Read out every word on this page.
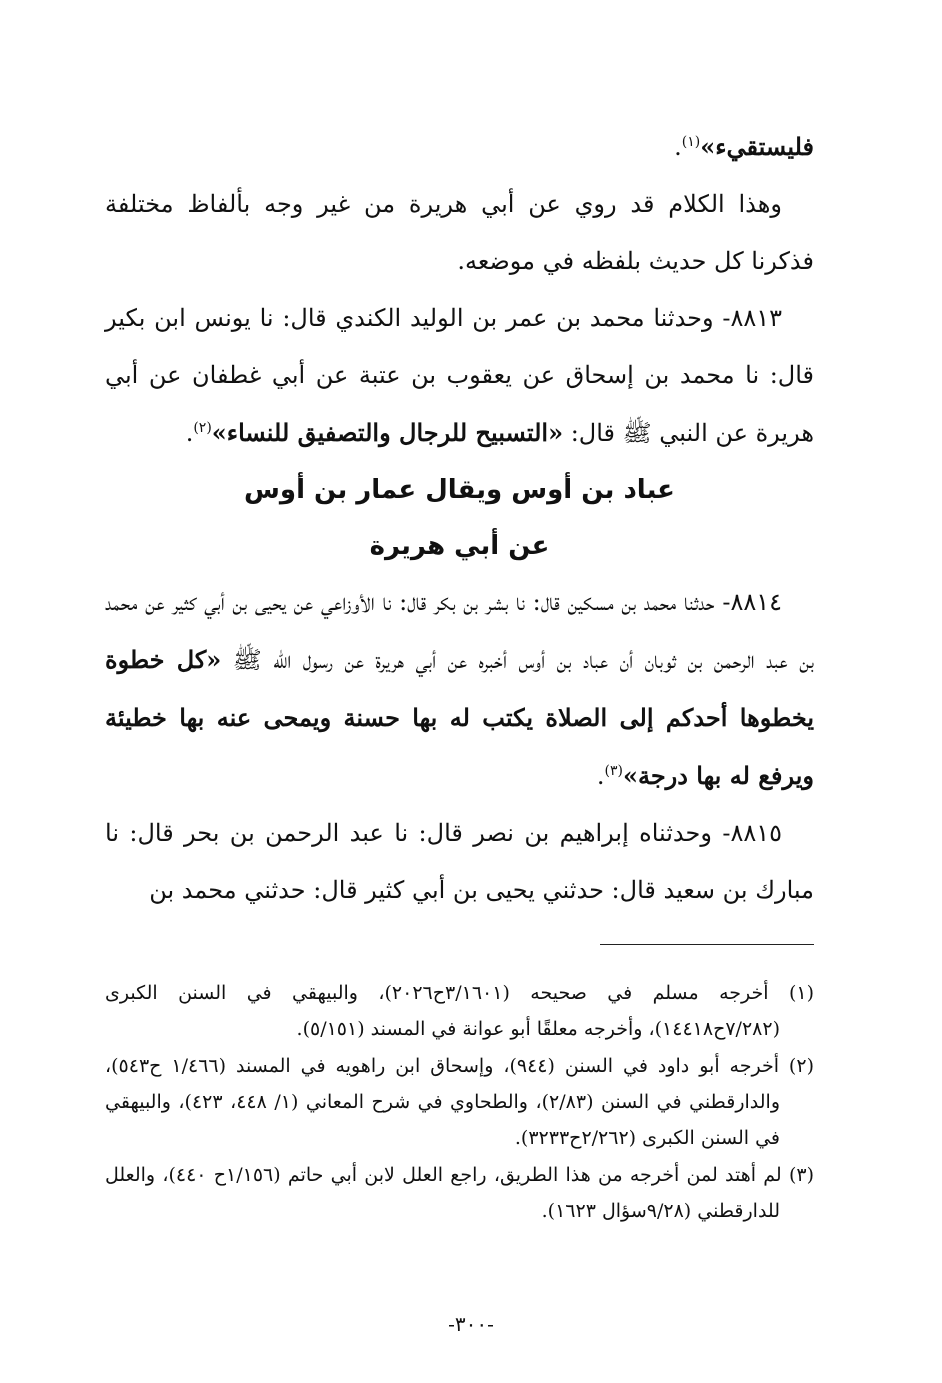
فليستقيء»$^{(١)}$.

وهذا الكلام قد روي عن أبي هريرة من غير وجه بألفاظ مختلفة فذكرنا كل حديث بلفظه في موضعه.

٨٨١٣- وحدثنا محمد بن عمر بن الوليد الكندي قال: نا يونس ابن بكير قال: نا محمد بن إسحاق عن يعقوب بن عتبة عن أبي غطفان عن أبي هريرة عن النبي ﷺ قال: «التسبيح للرجال والتصفيق للنساء»$^{(٢)}$.

عباد بن أوس ويقال عمار بن أوس

عن أبي هريرة

٨٨١٤- حدثنا محمد بن مسكين قال: نا بشر بن بكر قال: نا الأوزاعي عن يحيى بن أبي كثير عن محمد بن عبد الرحمن بن ثوبان أن عباد بن أوس أخبره عن أبي هريرة عن رسول الله ﷺ «كل خطوة يخطوها أحدكم إلى الصلاة يكتب له بها حسنة ويمحى عنه بها خطيئة ويرفع له بها درجة»$^{(٣)}$.

٨٨١٥- وحدثناه إبراهيم بن نصر قال: نا عبد الرحمن بن بحر قال: نا مبارك بن سعيد قال: حدثني يحيى بن أبي كثير قال: حدثني محمد بن

(١) أخرجه مسلم في صحيحه (٣/١٦٠١ح٢٠٢٦)، والبيهقي في السنن الكبرى (٧/٢٨٢ح١٤٤١٨)، وأخرجه معلقًا أبو عوانة في المسند (٥/١٥١).

(٢) أخرجه أبو داود في السنن (٩٤٤)، وإسحاق ابن راهويه في المسند (١/٤٦٦ ح٥٤٣)، والدارقطني في السنن (٢/٨٣)، والطحاوي في شرح المعاني (١/ ٤٤٨، ٤٢٣)، والبيهقي في السنن الكبرى (٢/٢٦٢ح٣٢٣٣).

(٣) لم أهتد لمن أخرجه من هذا الطريق، راجع العلل لابن أبي حاتم (١/١٥٦ح ٤٤٠)، والعلل للدارقطني (٩/٢٨سؤال ١٦٢٣).

-٣٠٠-
